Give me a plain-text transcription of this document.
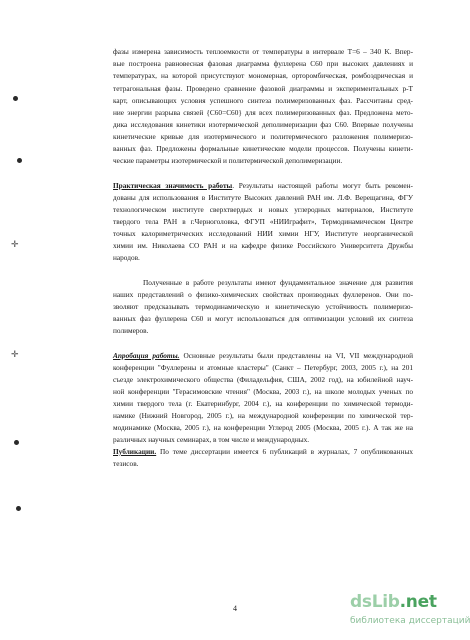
✛
✛
фазы измерена зависимость теплоемкости от температуры в интервале T=6 – 340 K. Впер-
вые построена равновесная фазовая диаграмма фуллерена C60 при высоких давлениях и
температурах, на которой присутствуют мономерная, орторомбическая, ромбоэдрическая и
тетрагональная фазы. Проведено сравнение фазовой диаграммы и экспериментальных р-Т
карт, описывающих условия успешного синтеза полимеризованных фаз. Рассчитаны сред-
ние энергии разрыва связей {C60=C60} для всех полимеризованных фаз. Предложена мето-
дика исследования кинетики изотермической деполимеризации фаз C60. Впервые получены
кинетические кривые для изотермического и политермического разложения полимеризо-
ванных фаз. Предложены формальные кинетические модели процессов. Получены кинети-
ческие параметры изотермической и политермической деполимеризации.
Практическая значимость работы. Результаты настоящей работы могут быть рекомен-
дованы для использования в Институте Высоких давлений РАН им. Л.Ф. Верещагина, ФГУ
технологическом институте сверхтвердых и новых углеродных материалов, Институте
твердого тела РАН в г.Черноголовка, ФГУП «НИИграфит», Термодинамическом Центре
точных калориметрических исследований НИИ химии НГУ, Институте неорганической
химии им. Николаева СО РАН и на кафедре физике Российского Университета Дружбы
народов.
Полученные в работе результаты имеют фундаментальное значение для развития
наших представлений о физико-химических свойствах производных фуллеренов. Они по-
зволяют предсказывать термодинамическую и кинетическую устойчивость полимеризо-
ванных фаз фуллерена C60 и могут использоваться для оптимизации условий их синтеза
полимеров.
Апробация работы. Основные результаты были представлены на VI, VII международной
конференции "Фуллерены и атомные кластеры" (Санкт – Петербург, 2003, 2005 г.), на 201
съезде электрохимического общества (Филадельфия, США, 2002 год), на юбилейной науч-
ной конференции "Герасимовские чтения" (Москва, 2003 г.), на школе молодых ученых по
химии твердого тела (г. Екатеринбург, 2004 г.), на конференции по химической термоди-
намике (Нижний Новгород, 2005 г.), на международной конференции по химической тер-
модинамике (Москва, 2005 г.), на конференции Углерод 2005 (Москва, 2005 г.). А так же на
различных научных семинарах, в том числе и международных.
Публикации. По теме диссертации имеется 6 публикаций в журналах, 7 опубликованных
тезисов.
4	dsLib.net
библиотека диссертаций
